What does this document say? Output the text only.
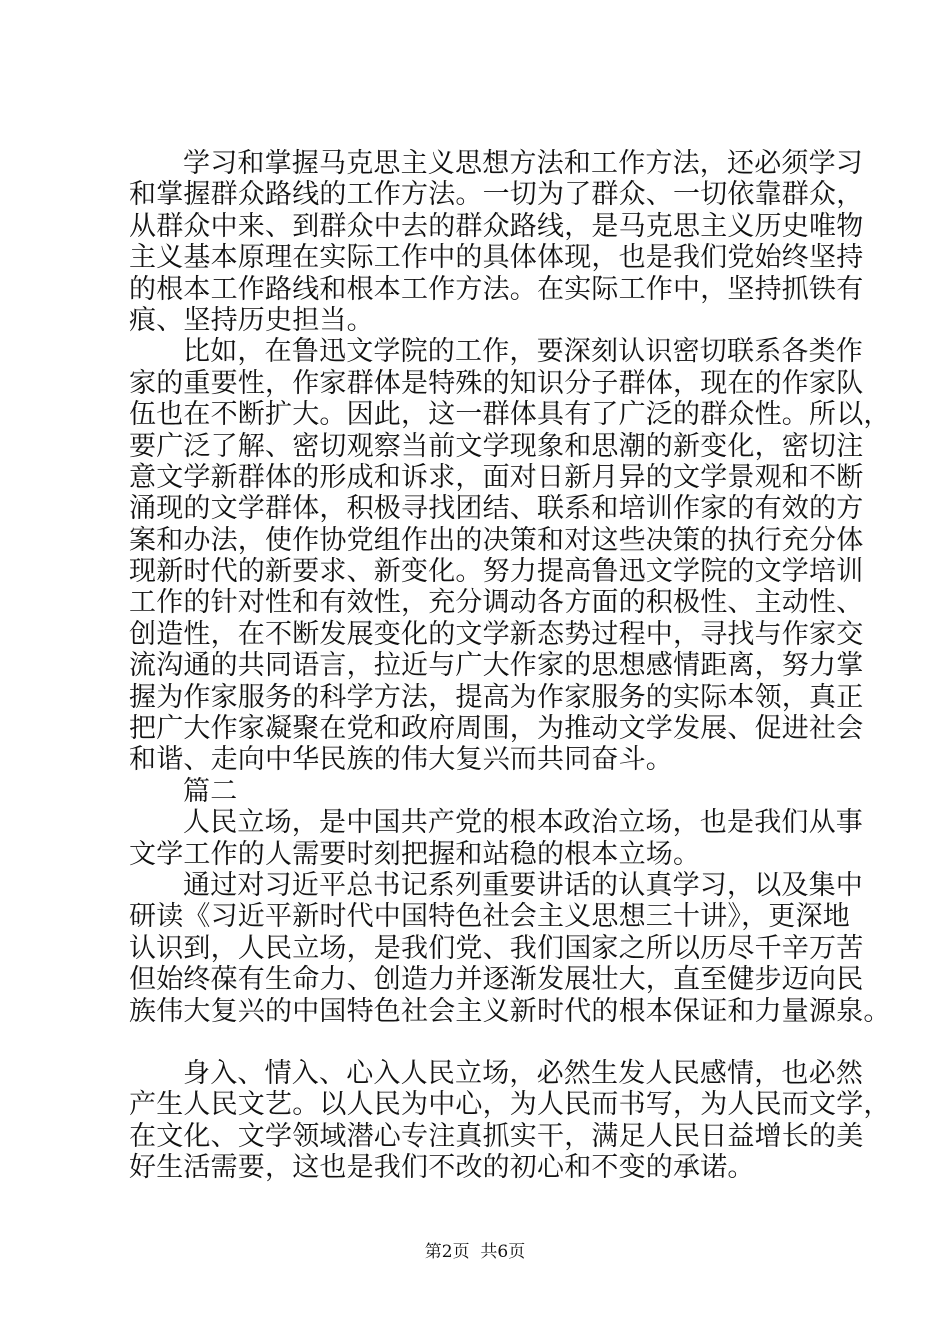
学习和掌握马克思主义思想方法和工作方法，还必须学习
和掌握群众路线的工作方法。一切为了群众、一切依靠群众，
从群众中来、到群众中去的群众路线，是马克思主义历史唯物
主义基本原理在实际工作中的具体体现，也是我们党始终坚持
的根本工作路线和根本工作方法。在实际工作中，坚持抓铁有
痕、坚持历史担当。
比如，在鲁迅文学院的工作，要深刻认识密切联系各类作
家的重要性，作家群体是特殊的知识分子群体，现在的作家队
伍也在不断扩大。因此，这一群体具有了广泛的群众性。所以，
要广泛了解、密切观察当前文学现象和思潮的新变化，密切注
意文学新群体的形成和诉求，面对日新月异的文学景观和不断
涌现的文学群体，积极寻找团结、联系和培训作家的有效的方
案和办法，使作协党组作出的决策和对这些决策的执行充分体
现新时代的新要求、新变化。努力提高鲁迅文学院的文学培训
工作的针对性和有效性，充分调动各方面的积极性、主动性、
创造性，在不断发展变化的文学新态势过程中，寻找与作家交
流沟通的共同语言，拉近与广大作家的思想感情距离，努力掌
握为作家服务的科学方法，提高为作家服务的实际本领，真正
把广大作家凝聚在党和政府周围，为推动文学发展、促进社会
和谐、走向中华民族的伟大复兴而共同奋斗。
篇二
人民立场，是中国共产党的根本政治立场，也是我们从事
文学工作的人需要时刻把握和站稳的根本立场。
通过对习近平总书记系列重要讲话的认真学习，以及集中
研读《习近平新时代中国特色社会主义思想三十讲》，更深地
认识到，人民立场，是我们党、我们国家之所以历尽千辛万苦
但始终葆有生命力、创造力并逐渐发展壮大，直至健步迈向民
族伟大复兴的中国特色社会主义新时代的根本保证和力量源泉。
身入、情入、心入人民立场，必然生发人民感情，也必然
产生人民文艺。以人民为中心，为人民而书写，为人民而文学，
在文化、文学领域潜心专注真抓实干，满足人民日益增长的美
好生活需要，这也是我们不改的初心和不变的承诺。
第2页  共6页
